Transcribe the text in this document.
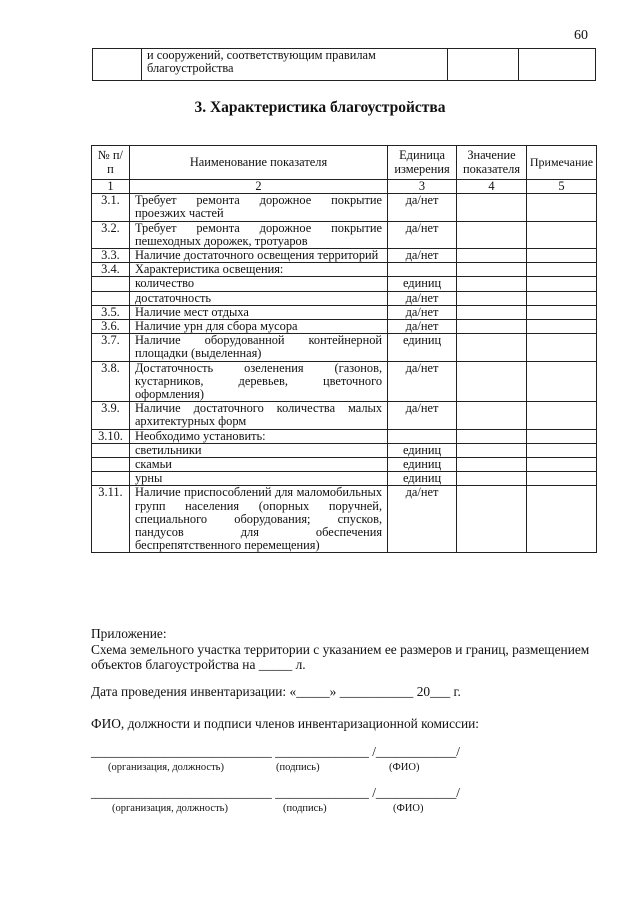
60
	и сооружений, соответствующим правилам благоустройства		
3. Характеристика благоустройства
№ п/п	Наименование показателя	Единица измерения	Значение показателя	Примечание
1	2	3	4	5
3.1.	Требует ремонта дорожное покрытие проезжих частей	да/нет		
3.2.	Требует ремонта дорожное покрытие пешеходных дорожек, тротуаров	да/нет		
3.3.	Наличие достаточного освещения территорий	да/нет		
3.4.	Характеристика освещения:			
	количество	единиц		
	достаточность	да/нет		
3.5.	Наличие мест отдыха	да/нет		
3.6.	Наличие урн для сбора мусора	да/нет		
3.7.	Наличие оборудованной контейнерной площадки (выделенная)	единиц		
3.8.	Достаточность озеленения (газонов, кустарников, деревьев, цветочного оформления)	да/нет		
3.9.	Наличие достаточного количества малых архитектурных форм	да/нет		
3.10.	Необходимо установить:			
	светильники	единиц		
	скамьи	единиц		
	урны	единиц		
3.11.	Наличие приспособлений для маломобильных групп населения (опорных поручней, специального оборудования; спусков, пандусов для обеспечения беспрепятственного перемещения)	да/нет		
Приложение:
Схема земельного участка территории с указанием ее размеров и границ, размещением объектов благоустройства на _____ л.
Дата проведения инвентаризации: «_____» ___________ 20___ г.
ФИО, должности и подписи членов инвентаризационной комиссии:
___________________________ ______________ /____________/
(организация, должность)	(подпись)	(ФИО)
___________________________ ______________ /____________/
(организация, должность)	(подпись)	(ФИО)
